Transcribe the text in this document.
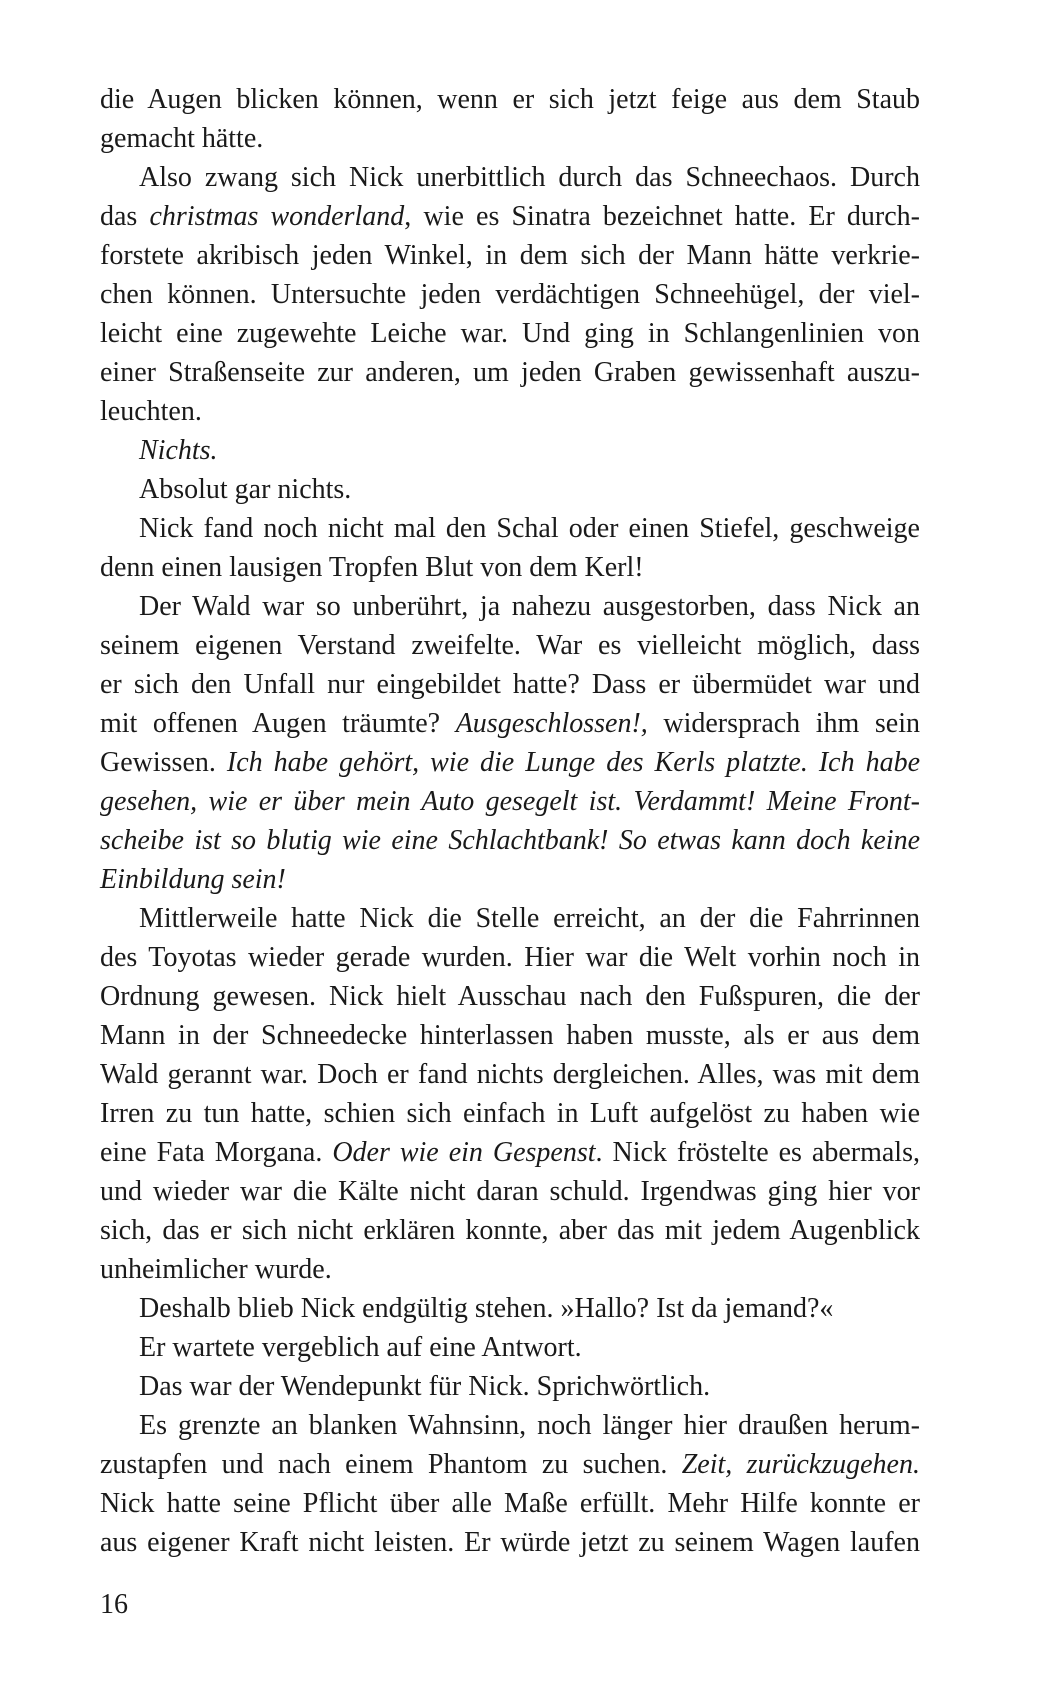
die Augen blicken können, wenn er sich jetzt feige aus dem Staub
gemacht hätte.
Also zwang sich Nick unerbittlich durch das Schneechaos. Durch
das christmas wonderland, wie es Sinatra bezeichnet hatte. Er durch-
forstete akribisch jeden Winkel, in dem sich der Mann hätte verkrie-
chen können. Untersuchte jeden verdächtigen Schneehügel, der viel-
leicht eine zugewehte Leiche war. Und ging in Schlangenlinien von
einer Straßenseite zur anderen, um jeden Graben gewissenhaft auszu-
leuchten.
Nichts.
Absolut gar nichts.
Nick fand noch nicht mal den Schal oder einen Stiefel, geschweige
denn einen lausigen Tropfen Blut von dem Kerl!
Der Wald war so unberührt, ja nahezu ausgestorben, dass Nick an
seinem eigenen Verstand zweifelte. War es vielleicht möglich, dass
er sich den Unfall nur eingebildet hatte? Dass er übermüdet war und
mit offenen Augen träumte? Ausgeschlossen!, widersprach ihm sein
Gewissen. Ich habe gehört, wie die Lunge des Kerls platzte. Ich habe
gesehen, wie er über mein Auto gesegelt ist. Verdammt! Meine Front-
scheibe ist so blutig wie eine Schlachtbank! So etwas kann doch keine
Einbildung sein!
Mittlerweile hatte Nick die Stelle erreicht, an der die Fahrrinnen
des Toyotas wieder gerade wurden. Hier war die Welt vorhin noch in
Ordnung gewesen. Nick hielt Ausschau nach den Fußspuren, die der
Mann in der Schneedecke hinterlassen haben musste, als er aus dem
Wald gerannt war. Doch er fand nichts dergleichen. Alles, was mit dem
Irren zu tun hatte, schien sich einfach in Luft aufgelöst zu haben wie
eine Fata Morgana. Oder wie ein Gespenst. Nick fröstelte es abermals,
und wieder war die Kälte nicht daran schuld. Irgendwas ging hier vor
sich, das er sich nicht erklären konnte, aber das mit jedem Augenblick
unheimlicher wurde.
Deshalb blieb Nick endgültig stehen. »Hallo? Ist da jemand?«
Er wartete vergeblich auf eine Antwort.
Das war der Wendepunkt für Nick. Sprichwörtlich.
Es grenzte an blanken Wahnsinn, noch länger hier draußen herum-
zustapfen und nach einem Phantom zu suchen. Zeit, zurückzugehen.
Nick hatte seine Pflicht über alle Maße erfüllt. Mehr Hilfe konnte er
aus eigener Kraft nicht leisten. Er würde jetzt zu seinem Wagen laufen
16
